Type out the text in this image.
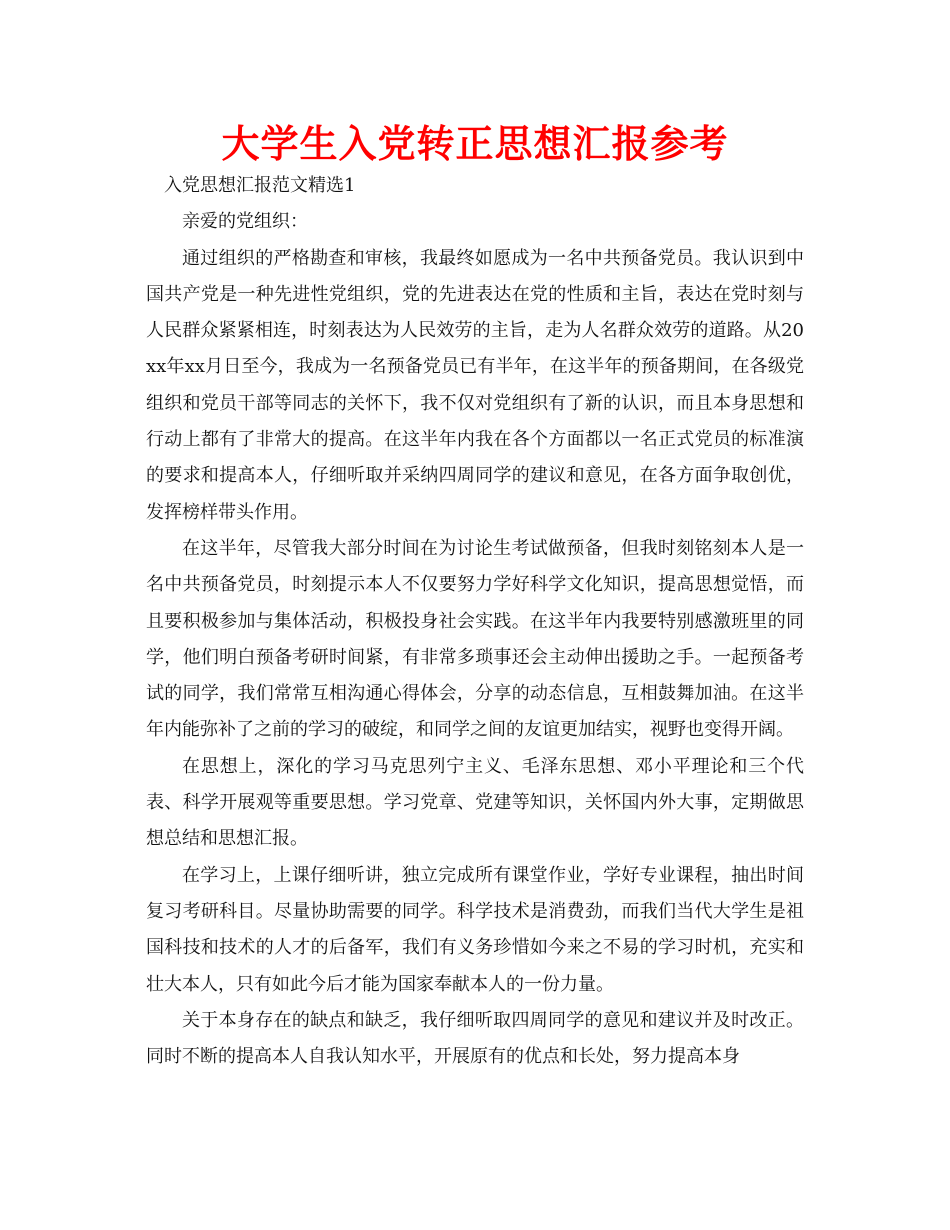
大学生入党转正思想汇报参考

入党思想汇报范文精选1

亲爱的党组织：

通过组织的严格勘查和审核，我最终如愿成为一名中共预备党员。我认识到中国共产党是一种先进性党组织，党的先进表达在党的性质和主旨，表达在党时刻与人民群众紧紧相连，时刻表达为人民效劳的主旨，走为人名群众效劳的道路。从20xx年xx月日至今，我成为一名预备党员已有半年，在这半年的预备期间，在各级党组织和党员干部等同志的关怀下，我不仅对党组织有了新的认识，而且本身思想和行动上都有了非常大的提高。在这半年内我在各个方面都以一名正式党员的标准演的要求和提高本人，仔细听取并采纳四周同学的建议和意见，在各方面争取创优，发挥榜样带头作用。

在这半年，尽管我大部分时间在为讨论生考试做预备，但我时刻铭刻本人是一名中共预备党员，时刻提示本人不仅要努力学好科学文化知识，提高思想觉悟，而且要积极参加与集体活动，积极投身社会实践。在这半年内我要特别感激班里的同学，他们明白预备考研时间紧，有非常多琐事还会主动伸出援助之手。一起预备考试的同学，我们常常互相沟通心得体会，分享的动态信息，互相鼓舞加油。在这半年内能弥补了之前的学习的破绽，和同学之间的友谊更加结实，视野也变得开阔。

在思想上，深化的学习马克思列宁主义、毛泽东思想、邓小平理论和三个代表、科学开展观等重要思想。学习党章、党建等知识，关怀国内外大事，定期做思想总结和思想汇报。

在学习上，上课仔细听讲，独立完成所有课堂作业，学好专业课程，抽出时间复习考研科目。尽量协助需要的同学。科学技术是消费劲，而我们当代大学生是祖国科技和技术的人才的后备军，我们有义务珍惜如今来之不易的学习时机，充实和壮大本人，只有如此今后才能为国家奉献本人的一份力量。

关于本身存在的缺点和缺乏，我仔细听取四周同学的意见和建议并及时改正。同时不断的提高本人自我认知水平，开展原有的优点和长处，努力提高本身
